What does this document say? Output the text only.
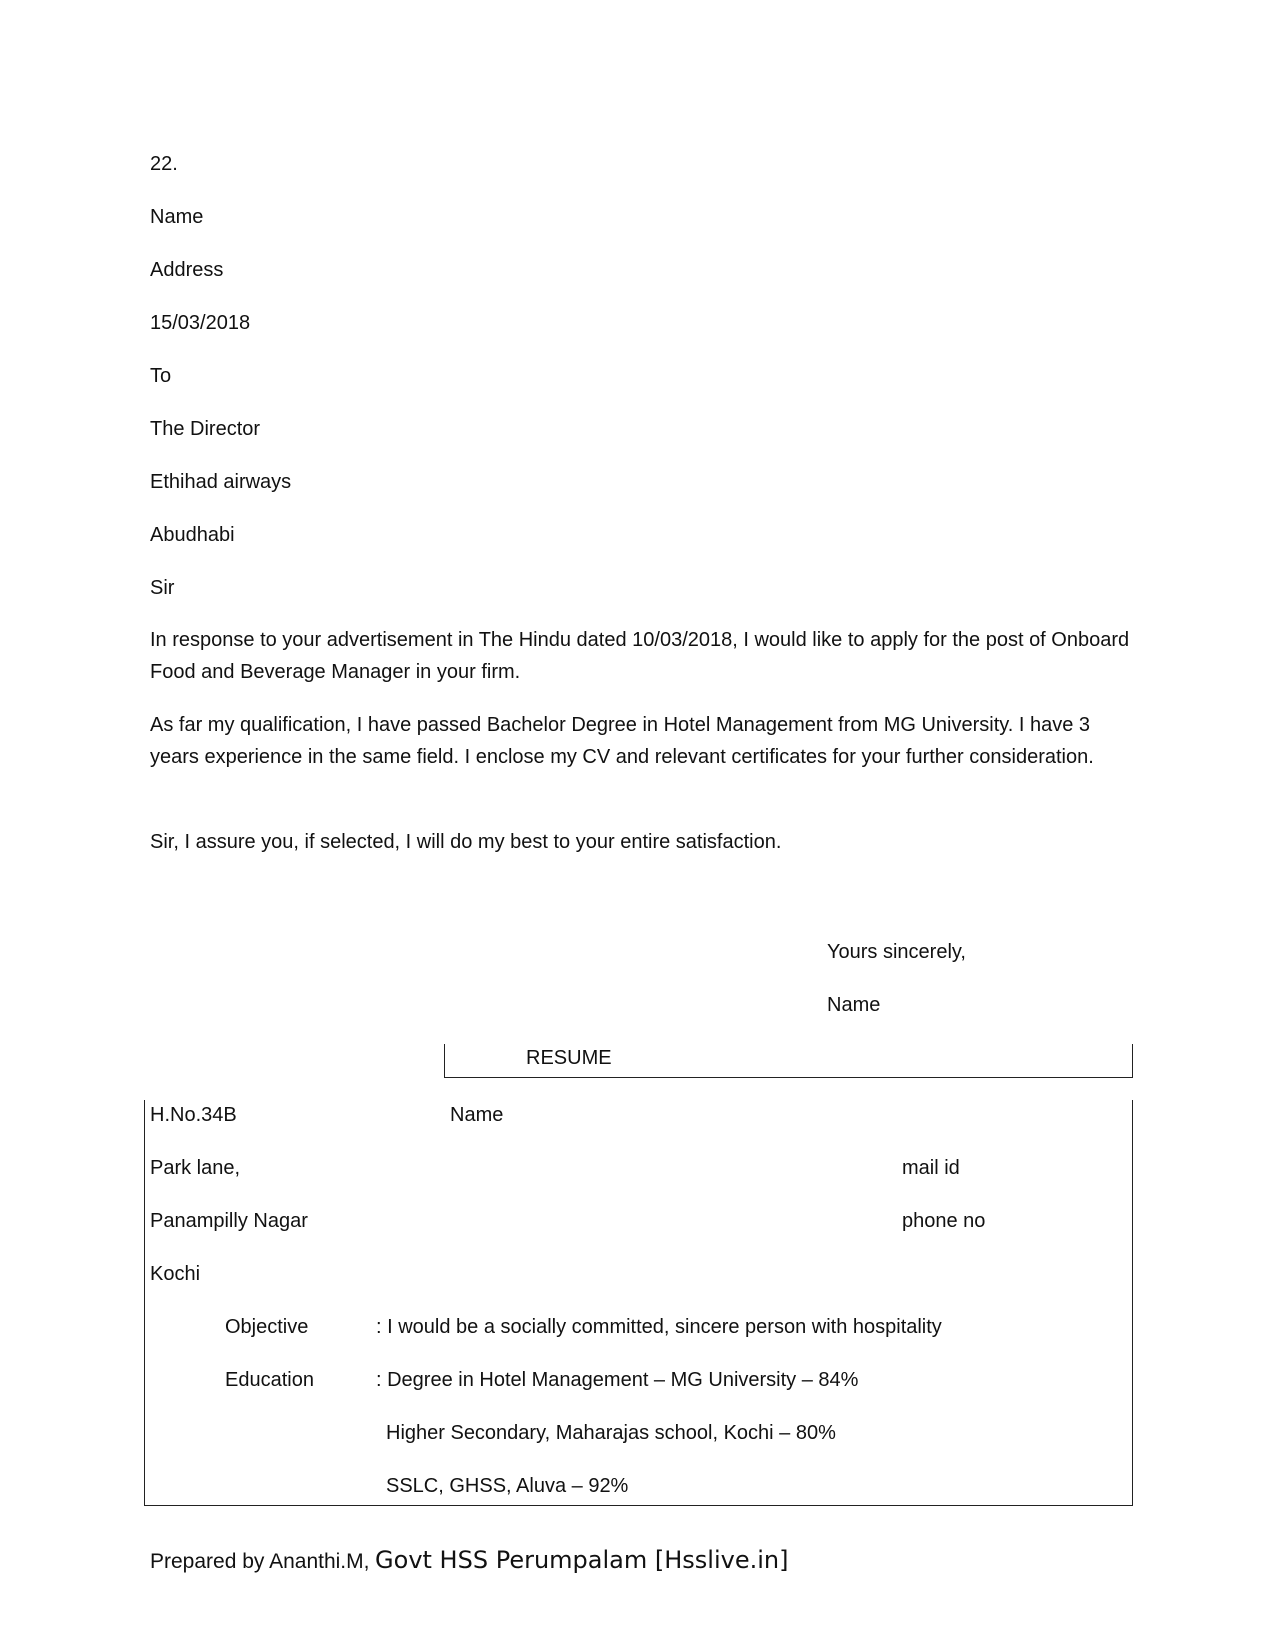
22.
Name
Address
15/03/2018
To
The Director
Ethihad airways
Abudhabi
Sir
In response to your advertisement in The Hindu dated 10/03/2018, I would like to apply for the post of Onboard Food and Beverage Manager in your firm.
As far my qualification, I have passed Bachelor Degree in Hotel Management from MG University. I have 3 years experience in the same field. I enclose my CV and relevant certificates for your further consideration.
Sir, I assure you, if selected, I will do my best to your entire satisfaction.
Yours sincerely,
Name
RESUME
H.No.34B	Name
Park lane,	mail id
Panampilly Nagar	phone no
Kochi
Objective	: I would be a socially committed, sincere person with hospitality
Education	: Degree in Hotel Management – MG University – 84%
Higher Secondary, Maharajas school, Kochi – 80%
SSLC, GHSS, Aluva – 92%
Prepared by Ananthi.M, Govt HSS Perumpalam [Hsslive.in]
